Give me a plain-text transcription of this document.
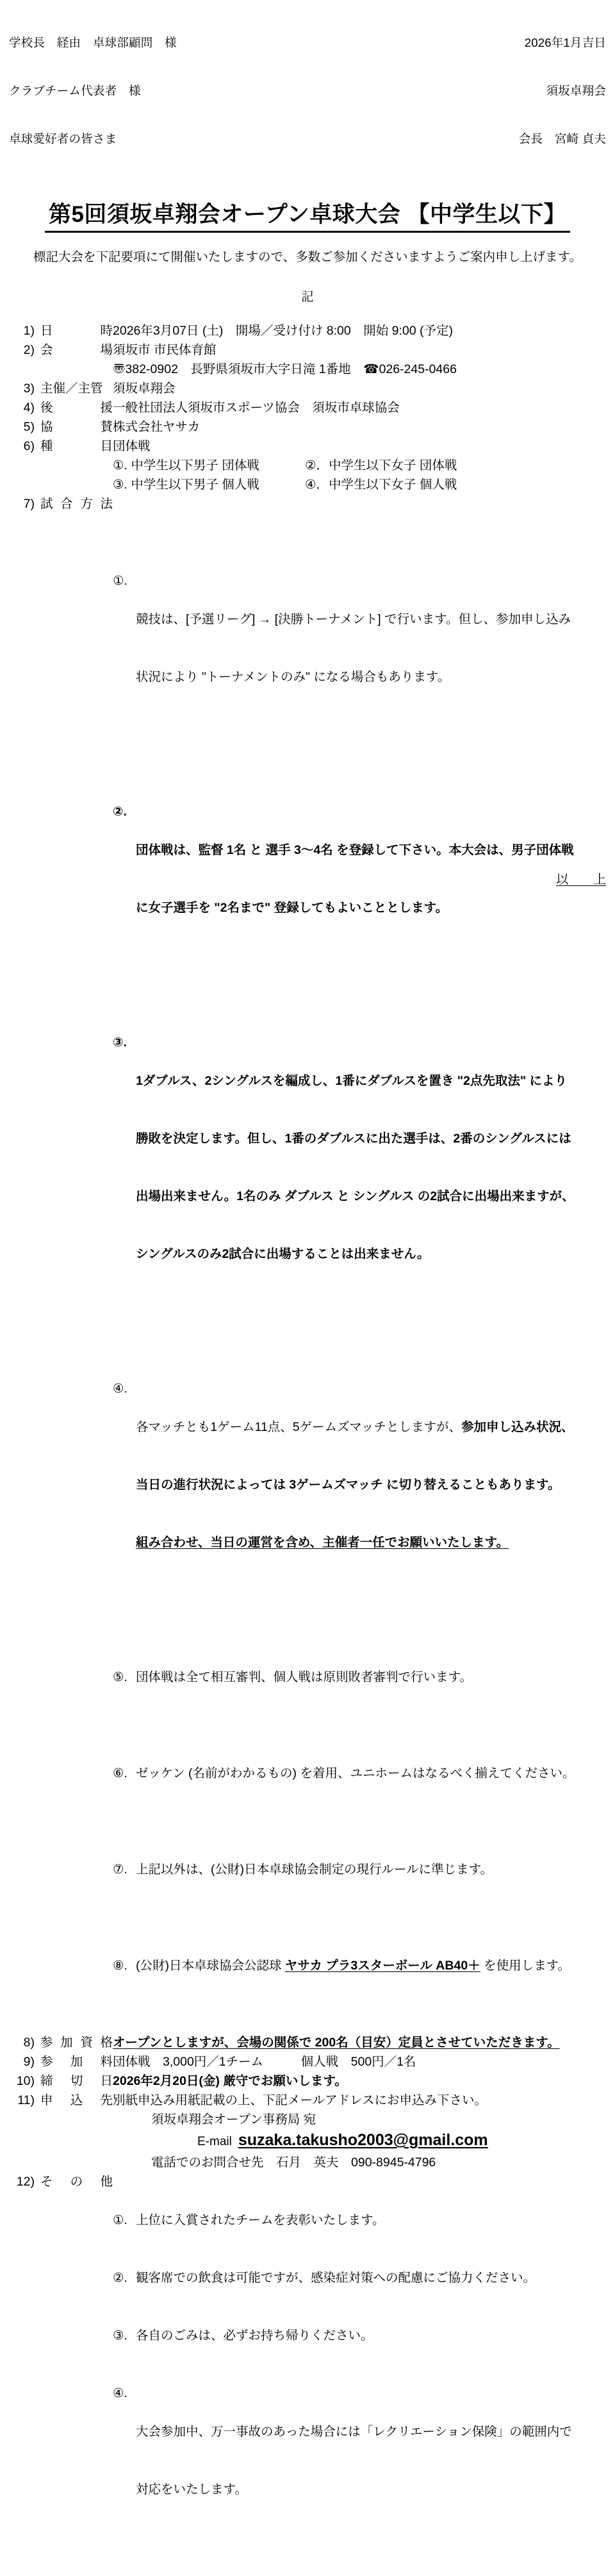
学校長　経由　卓球部顧問　様

クラブチーム代表者　様

卓球愛好者の皆さま

2026年1月吉日

須坂卓翔会

会長　宮崎 貞夫

第5回須坂卓翔会オープン卓球大会 【中学生以下】
標記大会を下記要項にて開催いたしますので、多数ご参加くださいますようご案内申し上げます。
記
1) 日	時 2026年3月07日 (土)　開場／受け付け 8:00　開始 9:00 (予定)
2) 会	場 須坂市 市民体育館
〠382-0902　長野県須坂市大字日滝 1番地　 ☎026-245-0466
3) 主催／主管 須坂卓翔会
4) 後	援 一般社団法人須坂市スポーツ協会　須坂市卓球協会
5) 協	賛 株式会社ヤサカ
6) 種	目 団体戦
①. 中学生以下男子 団体戦	②．中学生以下女子 団体戦
③. 中学生以下男子 個人戦	④．中学生以下女子 個人戦
7) 試 合 方 法

①.

競技は、[予選リーグ] → [決勝トーナメント] で行います。但し、参加申し込み

状況により "トーナメントのみ" になる場合もあります。

②.

団体戦は、監督 1名 と 選手 3～4名 を登録して下さい。本大会は、男子団体戦

に女子選手を "2名まで" 登録してもよいこととします。

③.

1ダブルス、2シングルスを編成し、1番にダブルスを置き "2点先取法" により

勝敗を決定します。但し、1番のダブルスに出た選手は、2番のシングルスには

出場出来ません。1名のみ ダブルス と シングルス の2試合に出場出来ますが、

シングルスのみ2試合に出場することは出来ません。

④.

各マッチとも1ゲーム11点、5ゲームズマッチとしますが、参加申し込み状況、

当日の進行状況によっては 3ゲームズマッチ に切り替えることもあります。

組み合わせ、当日の運営を含め、主催者一任でお願いいたします。

⑤. 団体戦は全て相互審判、個人戦は原則敗者審判で行います。

⑥. ゼッケン (名前がわかるもの) を着用、ユニホームはなるべく揃えてください。

⑦. 上記以外は、(公財)日本卓球協会制定の現行ルールに準じます。

⑧. (公財)日本卓球協会公認球 ヤサカ プラ3スターボール AB40＋ を使用します。

8) 参 加 資 格 オープンとしますが、会場の関係で 200名（目安）定員とさせていただきます。
9) 参 加 料 団体戦　3,000円／1チーム　　　個人戦　500円／1名
10) 締 切 日 2026年2月20日(金) 厳守でお願いします。
11) 申 込 先 別紙申込み用紙記載の上、下記メールアドレスにお申込み下さい。
須坂卓翔会オープン事務局 宛
E-mail suzaka.takusho2003@gmail.com
電話でのお問合せ先　石月　英夫　090-8945-4796
12) そ の 他

①. 上位に入賞されたチームを表彰いたします。

②. 観客席での飲食は可能ですが、感染症対策への配慮にご協力ください。

③. 各自のごみは、必ずお持ち帰りください。

④.

大会参加中、万一事故のあった場合には「レクリエーション保険」の範囲内で

対応をいたします。

以　　上
